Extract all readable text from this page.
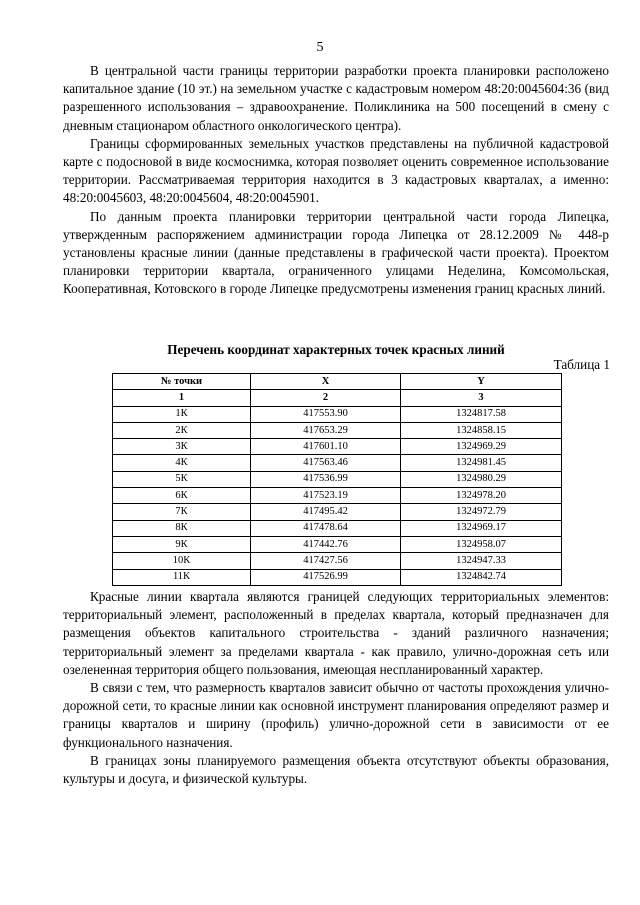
5

В центральной части границы территории разработки проекта планировки расположено капитальное здание (10 эт.) на земельном участке с кадастровым номером 48:20:0045604:36 (вид разрешенного использования – здравоохранение. Поликлиника на 500 посещений в смену с дневным стационаром областного онкологического центра).

Границы сформированных земельных участков представлены на публичной кадастровой карте с подосновой в виде космоснимка, которая позволяет оценить современное использование территории. Рассматриваемая территория находится в 3 кадастровых кварталах, а именно: 48:20:0045603, 48:20:0045604, 48:20:0045901.

По данным проекта планировки территории центральной части города Липецка, утвержденным распоряжением администрации города Липецка от 28.12.2009 № 448-р установлены красные линии (данные представлены в графической части проекта). Проектом планировки территории квартала, ограниченного улицами Неделина, Комсомольская, Кооперативная, Котовского в городе Липецке предусмотрены изменения границ красных линий.

Перечень координат характерных точек красных линий
Таблица 1
№ точки	X	Y
1	2	3
1К	417553.90	1324817.58
2К	417653.29	1324858.15
3К	417601.10	1324969.29
4К	417563.46	1324981.45
5К	417536.99	1324980.29
6К	417523.19	1324978.20
7К	417495.42	1324972.79
8К	417478.64	1324969.17
9К	417442.76	1324958.07
10К	417427.56	1324947.33
11К	417526.99	1324842.74

Красные линии квартала являются границей следующих территориальных элементов: территориальный элемент, расположенный в пределах квартала, который предназначен для размещения объектов капитального строительства - зданий различного назначения; территориальный элемент за пределами квартала - как правило, улично-дорожная сеть или озелененная территория общего пользования, имеющая неспланированный характер.

В связи с тем, что размерность кварталов зависит обычно от частоты прохождения улично-дорожной сети, то красные линии как основной инструмент планирования определяют размер и границы кварталов и ширину (профиль) улично-дорожной сети в зависимости от ее функционального назначения.

В границах зоны планируемого размещения объекта отсутствуют объекты образования, культуры и досуга, и физической культуры.
